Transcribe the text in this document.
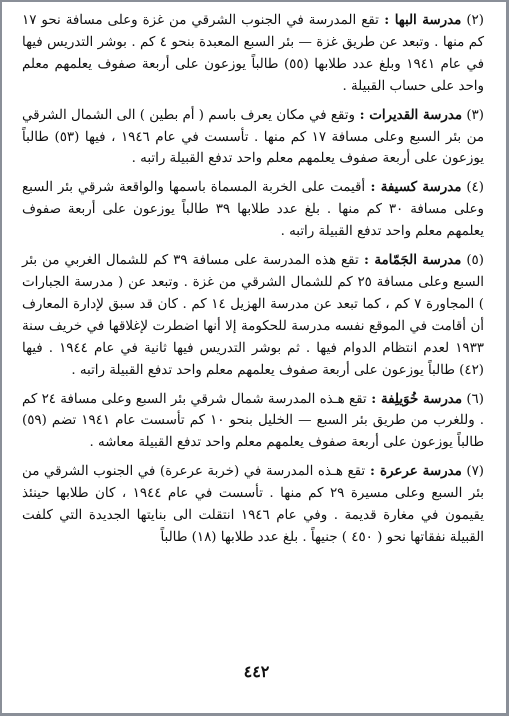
(٢) مدرسة البها : تقع المدرسة في الجنوب الشرقي من غزة وعلى مسافة نحو ١٧ كم منها . وتبعد عن طريق غزة — بئر السبع المعبدة بنحو ٤ كم . بوشر التدريس فيها في عام ١٩٤١ وبلغ عدد طلابها (٥٥) طالباً يوزعون على أربعة صفوف يعلمهم معلم واحد على حساب القبيلة .

(٣) مدرسة القديرات : وتقع في مكان يعرف باسم ( أم بطين ) الى الشمال الشرقي من بئر السبع وعلى مسافة ١٧ كم منها . تأسست في عام ١٩٤٦ ، فيها (٥٣) طالباً يوزعون على أربعة صفوف يعلمهم معلم واحد تدفع القبيلة راتبه .

(٤) مدرسة كسيفة : أقيمت على الخربة المسماة باسمها والواقعة شرقي بئر السبع وعلى مسافة ٣٠ كم منها . بلغ عدد طلابها ٣٩ طالباً يوزعون على أربعة صفوف يعلمهم معلم واحد تدفع القبيلة راتبه .

(٥) مدرسة الجَمّامة : تقع هذه المدرسة على مسافة ٣٩ كم للشمال الغربي من بئر السبع وعلى مسافة ٢٥ كم للشمال الشرقي من غزة . وتبعد عن ( مدرسة الجبارات ) المجاورة ٧ كم ، كما تبعد عن مدرسة الهزيل ١٤ كم . كان قد سبق لإدارة المعارف أن أقامت في الموقع نفسه مدرسة للحكومة إلا أنها اضطرت لإغلاقها في خريف سنة ١٩٣٣ لعدم انتظام الدوام فيها . ثم بوشر التدريس فيها ثانية في عام ١٩٤٤ . فيها (٤٢) طالباً يوزعون على أربعة صفوف يعلمهم معلم واحد تدفع القبيلة راتبه .

(٦) مدرسة خُوَيلِفة : تقع هـذه المدرسة شمال شرقي بئر السبع وعلى مسافة ٢٤ كم . وللغرب من طريق بئر السبع — الخليل بنحو ١٠ كم تأسست عام ١٩٤١ تضم (٥٩) طالباً يوزعون على أربعة صفوف يعلمهم معلم واحد تدفع القبيلة معاشه .

(٧) مدرسة عرعرة : تقع هـذه المدرسة في (خربة عرعرة) في الجنوب الشرقي من بئر السبع وعلى مسيرة ٢٩ كم منها . تأسست في عام ١٩٤٤ ، كان طلابها حينئذ يقيمون في مغارة قديمة . وفي عام ١٩٤٦ انتقلت الى بنايتها الجديدة التي كلفت القبيلة نفقاتها نحو ( ٤٥٠ ) جنيهاً . بلغ عدد طلابها (١٨) طالباً

٤٤٢
